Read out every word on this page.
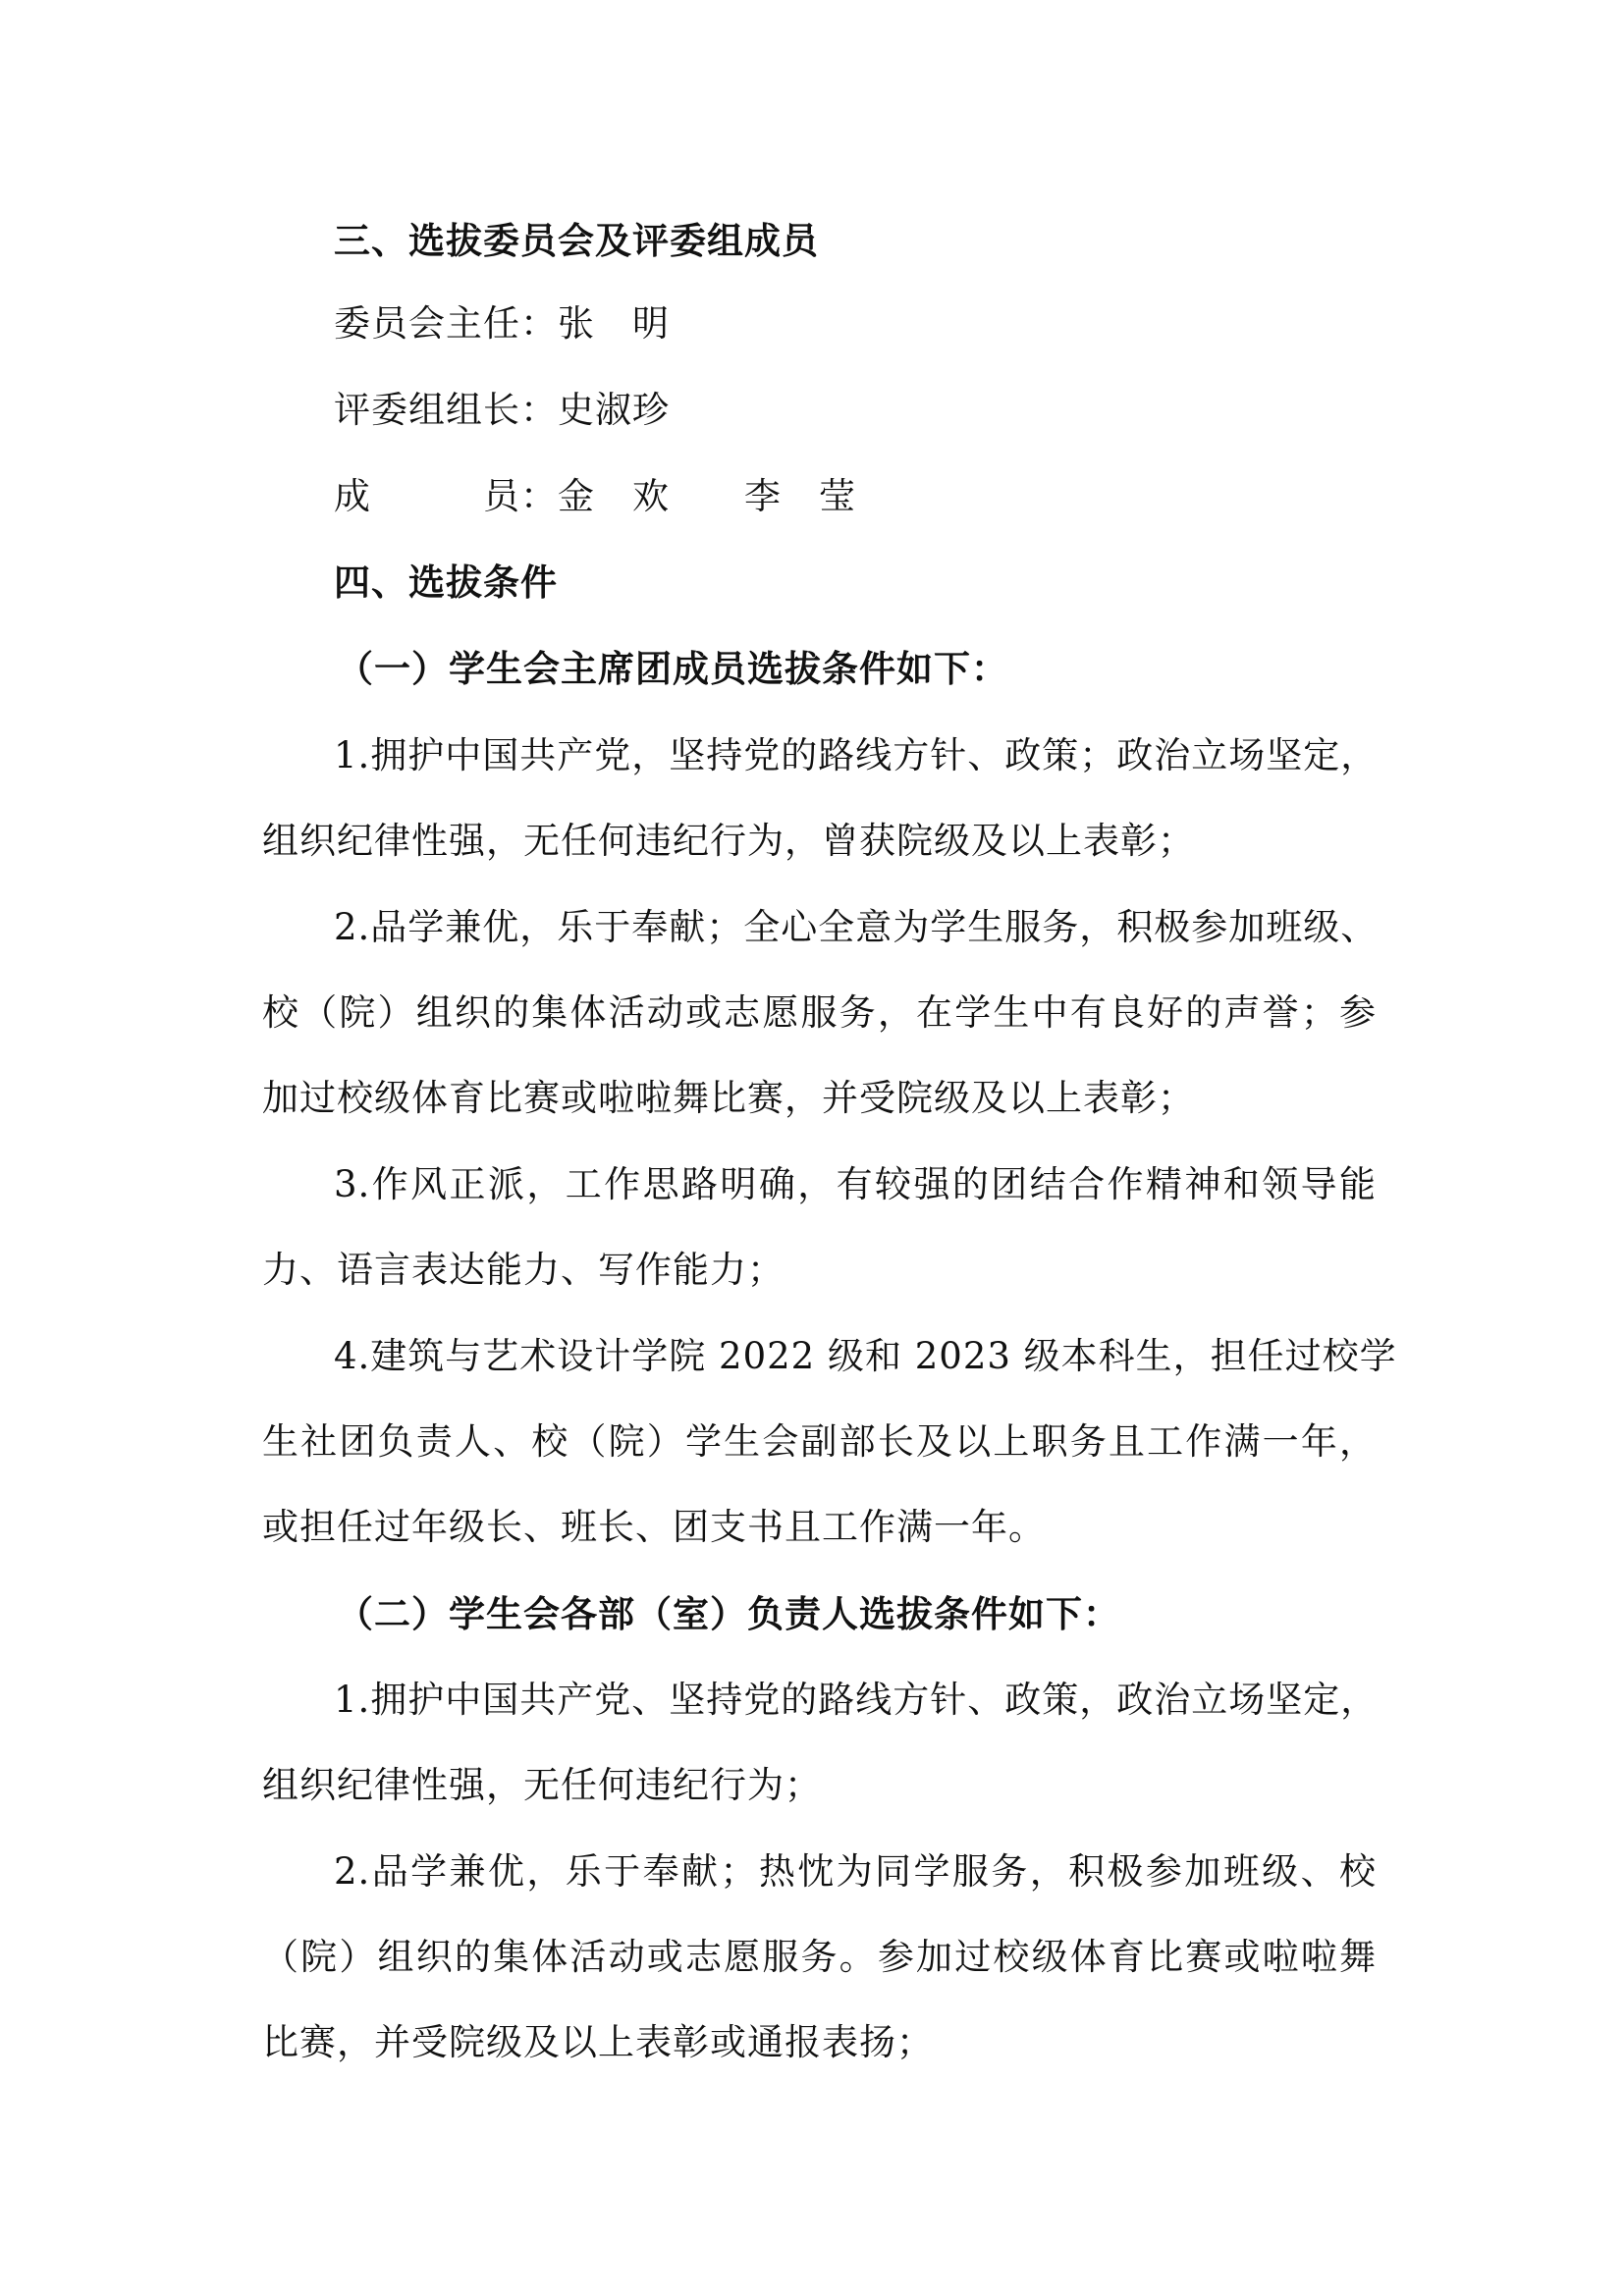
三、选拔委员会及评委组成员
委员会主任：张　明
评委组组长：史淑珍
成　　　员：金　欢 李　莹
四、选拔条件
（一）学生会主席团成员选拔条件如下：
1.拥护中国共产党，坚持党的路线方针、政策；政治立场坚定，
组织纪律性强，无任何违纪行为，曾获院级及以上表彰；
2.品学兼优，乐于奉献；全心全意为学生服务，积极参加班级、
校（院）组织的集体活动或志愿服务，在学生中有良好的声誉；参
加过校级体育比赛或啦啦舞比赛，并受院级及以上表彰；
3.作风正派，工作思路明确，有较强的团结合作精神和领导能
力、语言表达能力、写作能力；
4.建筑与艺术设计学院 2022 级和 2023 级本科生，担任过校学
生社团负责人、校（院）学生会副部长及以上职务且工作满一年，
或担任过年级长、班长、团支书且工作满一年。
（二）学生会各部（室）负责人选拔条件如下：
1.拥护中国共产党、坚持党的路线方针、政策，政治立场坚定，
组织纪律性强，无任何违纪行为；
2.品学兼优，乐于奉献；热忱为同学服务，积极参加班级、校
（院）组织的集体活动或志愿服务。参加过校级体育比赛或啦啦舞
比赛，并受院级及以上表彰或通报表扬；
